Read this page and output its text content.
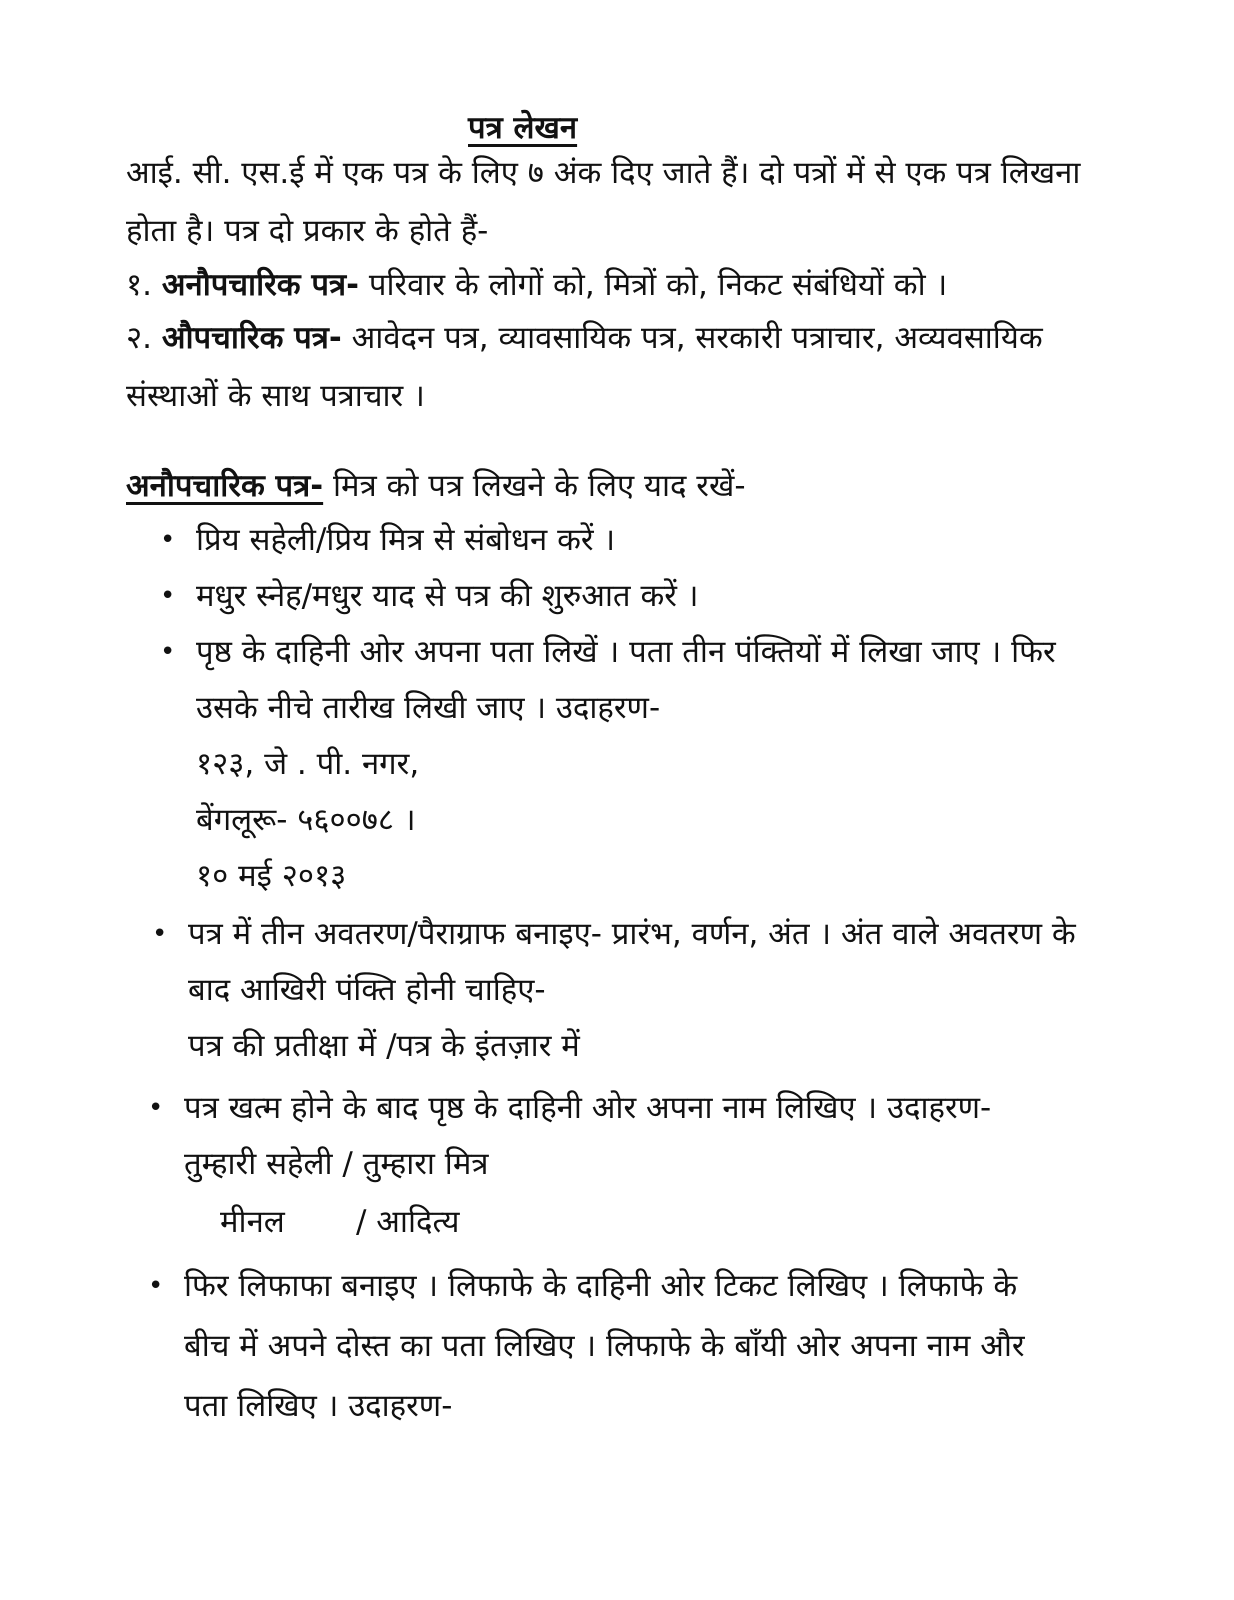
पत्र लेखन
आई. सी. एस.ई में एक पत्र के लिए ७ अंक दिए जाते हैं। दो पत्रों में से एक पत्र लिखना
होता है। पत्र दो प्रकार के होते हैं-
१. अनौपचारिक पत्र- परिवार के लोगों को, मित्रों को, निकट संबंधियों को ।
२. औपचारिक पत्र- आवेदन पत्र, व्यावसायिक पत्र, सरकारी पत्राचार, अव्यवसायिक
संस्थाओं के साथ पत्राचार ।
अनौपचारिक पत्र- मित्र को पत्र लिखने के लिए याद रखें-
• प्रिय सहेली/प्रिय मित्र से संबोधन करें ।
• मधुर स्नेह/मधुर याद से पत्र की शुरुआत करें ।
• पृष्ठ के दाहिनी ओर अपना पता लिखें । पता तीन पंक्तियों में लिखा जाए । फिर
उसके नीचे तारीख लिखी जाए । उदाहरण-
१२३, जे . पी. नगर,
बेंगलूरू- ५६००७८ ।
१० मई २०१३
• पत्र में तीन अवतरण/पैराग्राफ बनाइए- प्रारंभ, वर्णन, अंत । अंत वाले अवतरण के
बाद आखिरी पंक्ति होनी चाहिए-
पत्र की प्रतीक्षा में /पत्र के इंतज़ार में
• पत्र खत्म होने के बाद पृष्ठ के दाहिनी ओर अपना नाम लिखिए । उदाहरण-
तुम्हारी सहेली / तुम्हारा मित्र
मीनल / आदित्य
• फिर लिफाफा बनाइए । लिफाफे के दाहिनी ओर टिकट लिखिए । लिफाफे के
बीच में अपने दोस्त का पता लिखिए । लिफाफे के बाँयी ओर अपना नाम और
पता लिखिए । उदाहरण-
